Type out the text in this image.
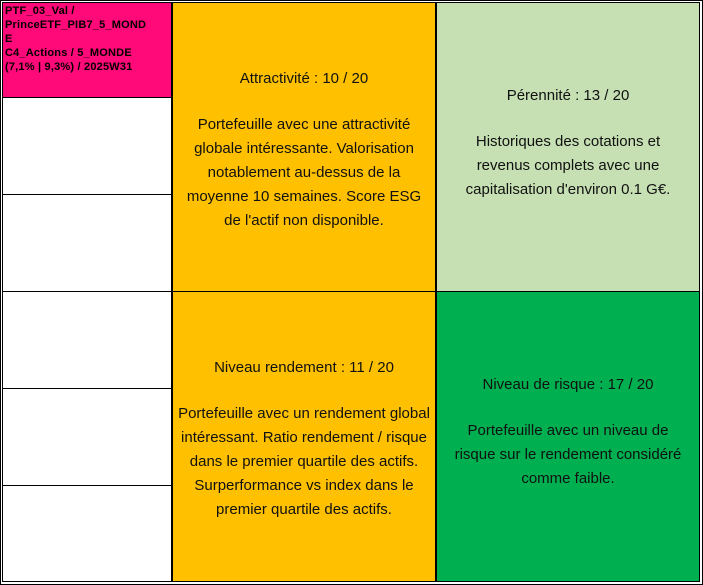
PTF_03_Val /
PrinceETF_PIB7_5_MOND
E
C4_Actions / 5_MONDE
(7,1% | 9,3%) / 2025W31
Attractivité : 10 / 20
Portefeuille avec une attractivité globale intéressante. Valorisation notablement au-dessus de la moyenne 10 semaines. Score ESG de l'actif non disponible.
Pérennité : 13 / 20
Historiques des cotations et revenus complets avec une capitalisation d'environ 0.1 G€.
Niveau rendement : 11 / 20
Portefeuille avec un rendement global intéressant. Ratio rendement / risque dans le premier quartile des actifs. Surperformance vs index dans le premier quartile des actifs.
Niveau de risque : 17 / 20
Portefeuille avec un niveau de risque sur le rendement considéré comme faible.
